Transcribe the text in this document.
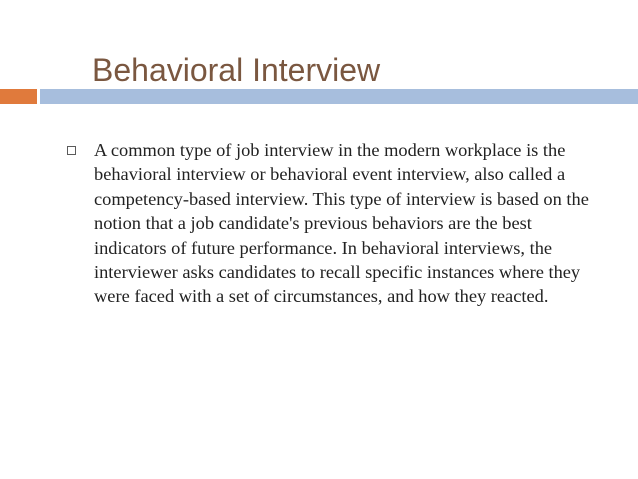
Behavioral Interview

A common type of job interview in the modern workplace is the behavioral interview or behavioral event interview, also called a competency-based interview. This type of interview is based on the notion that a job candidate's previous behaviors are the best indicators of future performance. In behavioral interviews, the interviewer asks candidates to recall specific instances where they were faced with a set of circumstances, and how they reacted.
